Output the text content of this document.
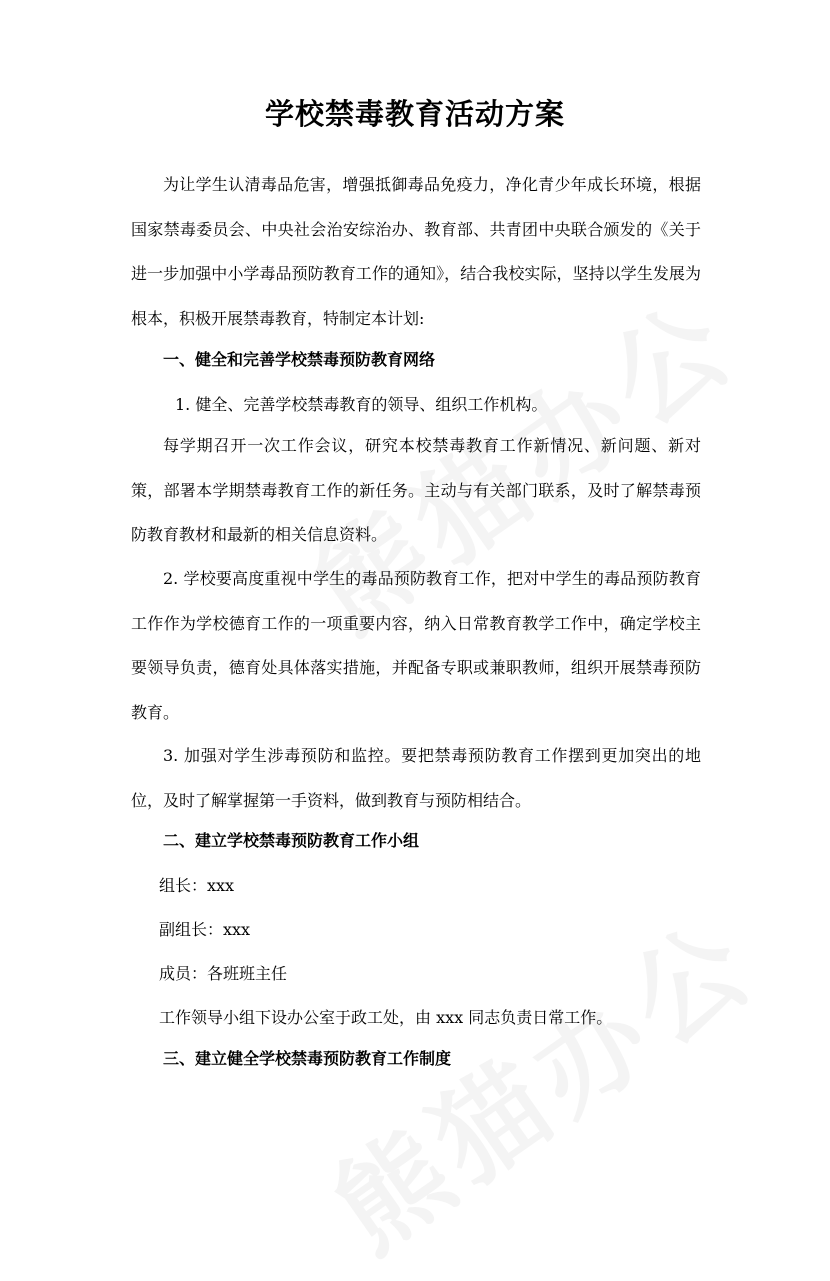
学校禁毒教育活动方案
为让学生认清毒品危害，增强抵御毒品免疫力，净化青少年成长环境，根据国家禁毒委员会、中央社会治安综治办、教育部、共青团中央联合颁发的《关于进一步加强中小学毒品预防教育工作的通知》，结合我校实际，坚持以学生发展为根本，积极开展禁毒教育，特制定本计划:
一、健全和完善学校禁毒预防教育网络
1. 健全、完善学校禁毒教育的领导、组织工作机构。
每学期召开一次工作会议，研究本校禁毒教育工作新情况、新问题、新对策，部署本学期禁毒教育工作的新任务。主动与有关部门联系，及时了解禁毒预防教育教材和最新的相关信息资料。
2. 学校要高度重视中学生的毒品预防教育工作，把对中学生的毒品预防教育工作作为学校德育工作的一项重要内容，纳入日常教育教学工作中，确定学校主要领导负责，德育处具体落实措施，并配备专职或兼职教师，组织开展禁毒预防教育。
3. 加强对学生涉毒预防和监控。要把禁毒预防教育工作摆到更加突出的地位，及时了解掌握第一手资料，做到教育与预防相结合。
二、建立学校禁毒预防教育工作小组
组长：xxx
副组长：xxx
成员：各班班主任
工作领导小组下设办公室于政工处，由 xxx 同志负责日常工作。
三、建立健全学校禁毒预防教育工作制度
